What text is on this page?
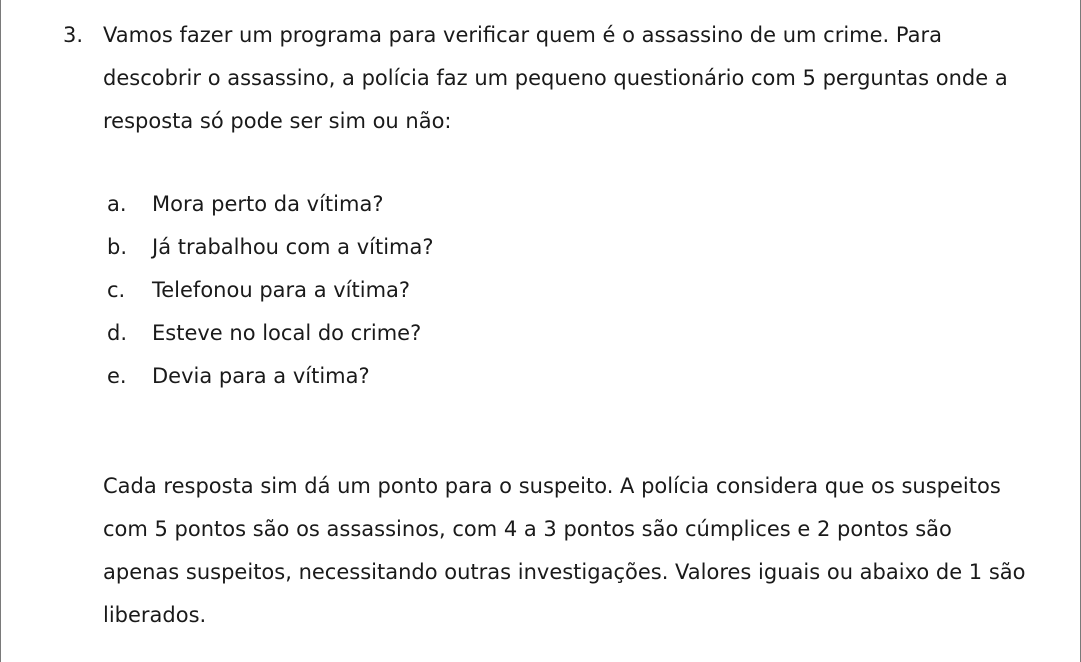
3. Vamos fazer um programa para verificar quem é o assassino de um crime. Para descobrir o assassino, a polícia faz um pequeno questionário com 5 perguntas onde a resposta só pode ser sim ou não:
a.	Mora perto da vítima?
b.	Já trabalhou com a vítima?
c.	Telefonou para a vítima?
d.	Esteve no local do crime?
e.	Devia para a vítima?

Cada resposta sim dá um ponto para o suspeito. A polícia considera que os suspeitos com 5 pontos são os assassinos, com 4 a 3 pontos são cúmplices e 2 pontos são apenas suspeitos, necessitando outras investigações. Valores iguais ou abaixo de 1 são liberados.
